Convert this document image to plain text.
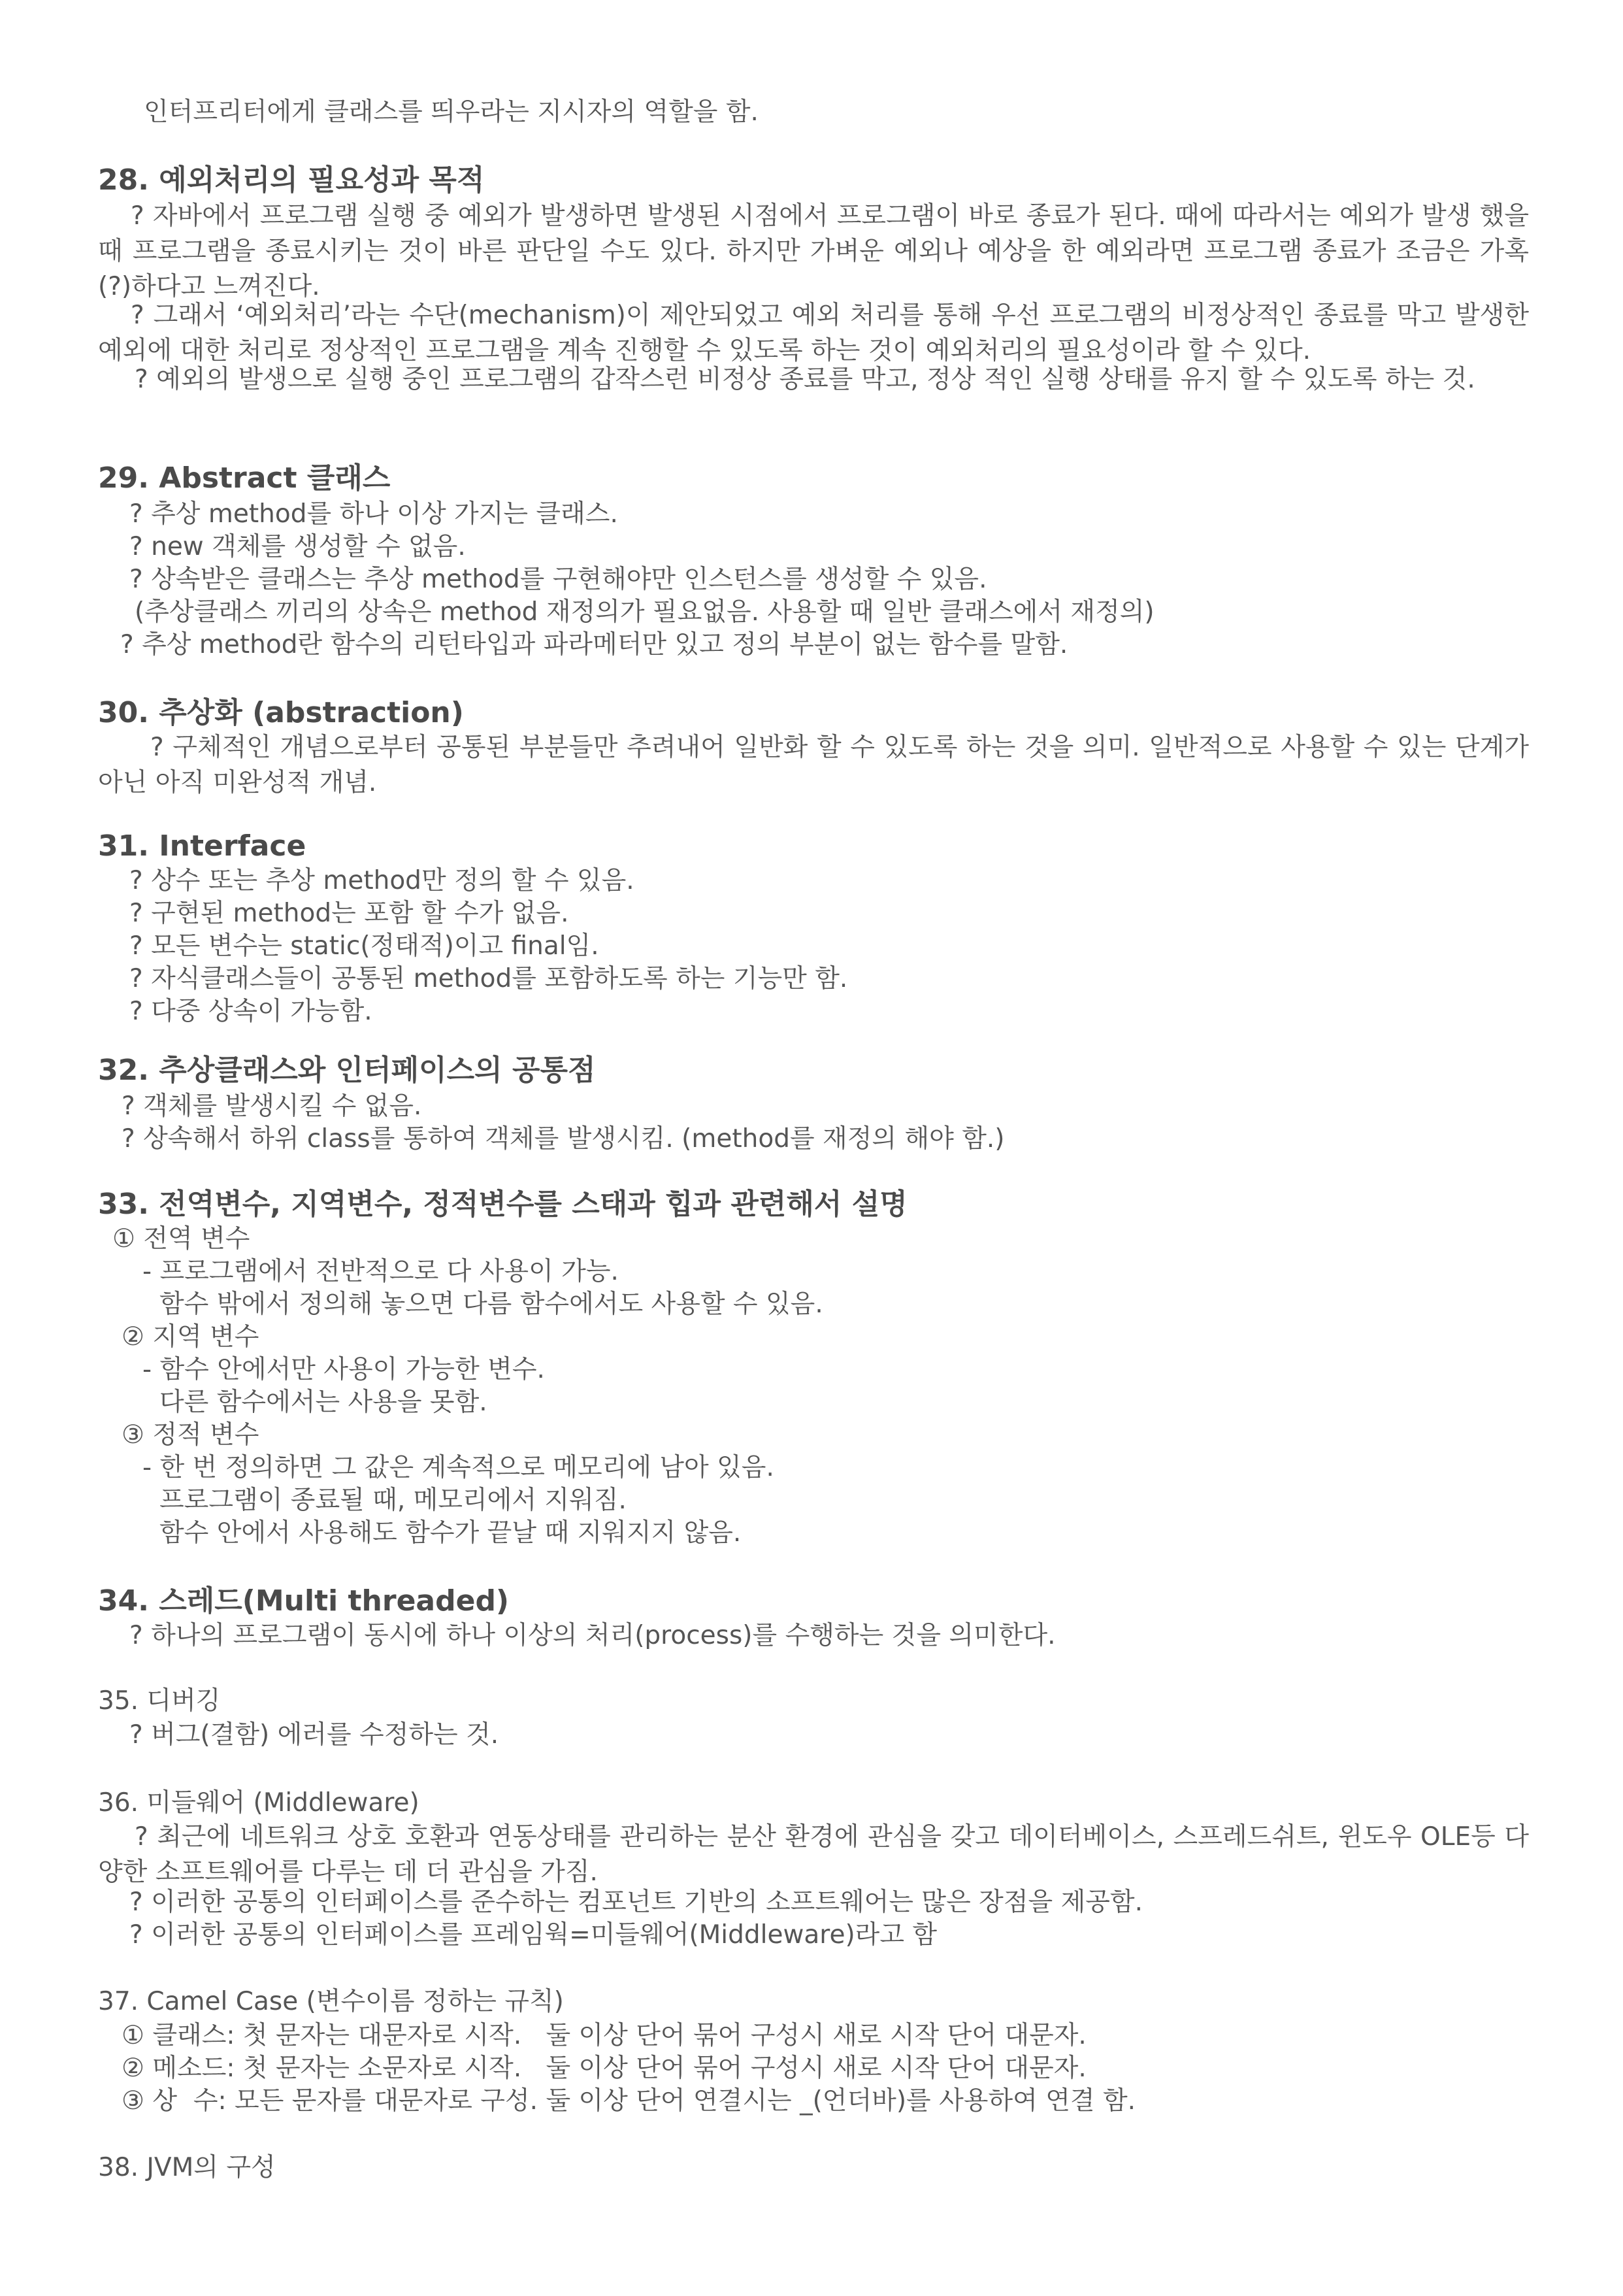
인터프리터에게 클래스를 띄우라는 지시자의 역할을 함.

28. 예외처리의 필요성과 목적

? 자바에서 프로그램 실행 중 예외가 발생하면 발생된 시점에서 프로그램이 바로 종료가 된다. 때에 따라서는 예외가 발생 했을 때 프로그램을 종료시키는 것이 바른 판단일 수도 있다. 하지만 가벼운 예외나 예상을 한 예외라면 프로그램 종료가 조금은 가혹(?)하다고 느껴진다.

? 그래서 ‘예외처리’라는 수단(mechanism)이 제안되었고 예외 처리를 통해 우선 프로그램의 비정상적인 종료를 막고 발생한 예외에 대한 처리로 정상적인 프로그램을 계속 진행할 수 있도록 하는 것이 예외처리의 필요성이라 할 수 있다.

? 예외의 발생으로 실행 중인 프로그램의 갑작스런 비정상 종료를 막고, 정상 적인 실행 상태를 유지 할 수 있도록 하는 것.

29. Abstract 클래스

? 추상 method를 하나 이상 가지는 클래스.

? new 객체를 생성할 수 없음.

? 상속받은 클래스는 추상 method를 구현해야만 인스턴스를 생성할 수 있음.

(추상클래스 끼리의 상속은 method 재정의가 필요없음. 사용할 때 일반 클래스에서 재정의)

? 추상 method란 함수의 리턴타입과 파라메터만 있고 정의 부분이 없는 함수를 말함.

30. 추상화 (abstraction)

? 구체적인 개념으로부터 공통된 부분들만 추려내어 일반화 할 수 있도록 하는 것을 의미. 일반적으로 사용할 수 있는 단계가 아닌 아직 미완성적 개념.

31. Interface

? 상수 또는 추상 method만 정의 할 수 있음.

? 구현된 method는 포함 할 수가 없음.

? 모든 변수는 static(정태적)이고 final임.

? 자식클래스들이 공통된 method를 포함하도록 하는 기능만 함.

? 다중 상속이 가능함.

32. 추상클래스와 인터페이스의 공통점

? 객체를 발생시킬 수 없음.

? 상속해서 하위 class를 통하여 객체를 발생시킴. (method를 재정의 해야 함.)

33. 전역변수, 지역변수, 정적변수를 스태과 힙과 관련해서 설명

① 전역 변수

- 프로그램에서 전반적으로 다 사용이 가능.

함수 밖에서 정의해 놓으면 다름 함수에서도 사용할 수 있음.

② 지역 변수

- 함수 안에서만 사용이 가능한 변수.

다른 함수에서는 사용을 못함.

③ 정적 변수

- 한 번 정의하면 그 값은 계속적으로 메모리에 남아 있음.

프로그램이 종료될 때, 메모리에서 지워짐.

함수 안에서 사용해도 함수가 끝날 때 지워지지 않음.

34. 스레드(Multi threaded)

? 하나의 프로그램이 동시에 하나 이상의 처리(process)를 수행하는 것을 의미한다.

35. 디버깅

? 버그(결함) 에러를 수정하는 것.

36. 미들웨어 (Middleware)

? 최근에 네트워크 상호 호환과 연동상태를 관리하는 분산 환경에 관심을 갖고 데이터베이스, 스프레드쉬트, 윈도우 OLE등 다양한 소프트웨어를 다루는 데 더 관심을 가짐.

? 이러한 공통의 인터페이스를 준수하는 컴포넌트 기반의 소프트웨어는 많은 장점을 제공함.

? 이러한 공통의 인터페이스를 프레임웍=미들웨어(Middleware)라고 함

37. Camel Case (변수이름 정하는 규칙)

① 클래스: 첫 문자는 대문자로 시작.   둘 이상 단어 묶어 구성시 새로 시작 단어 대문자.

② 메소드: 첫 문자는 소문자로 시작.   둘 이상 단어 묶어 구성시 새로 시작 단어 대문자.

③ 상  수: 모든 문자를 대문자로 구성. 둘 이상 단어 연결시는 _(언더바)를 사용하여 연결 함.

38. JVM의 구성
